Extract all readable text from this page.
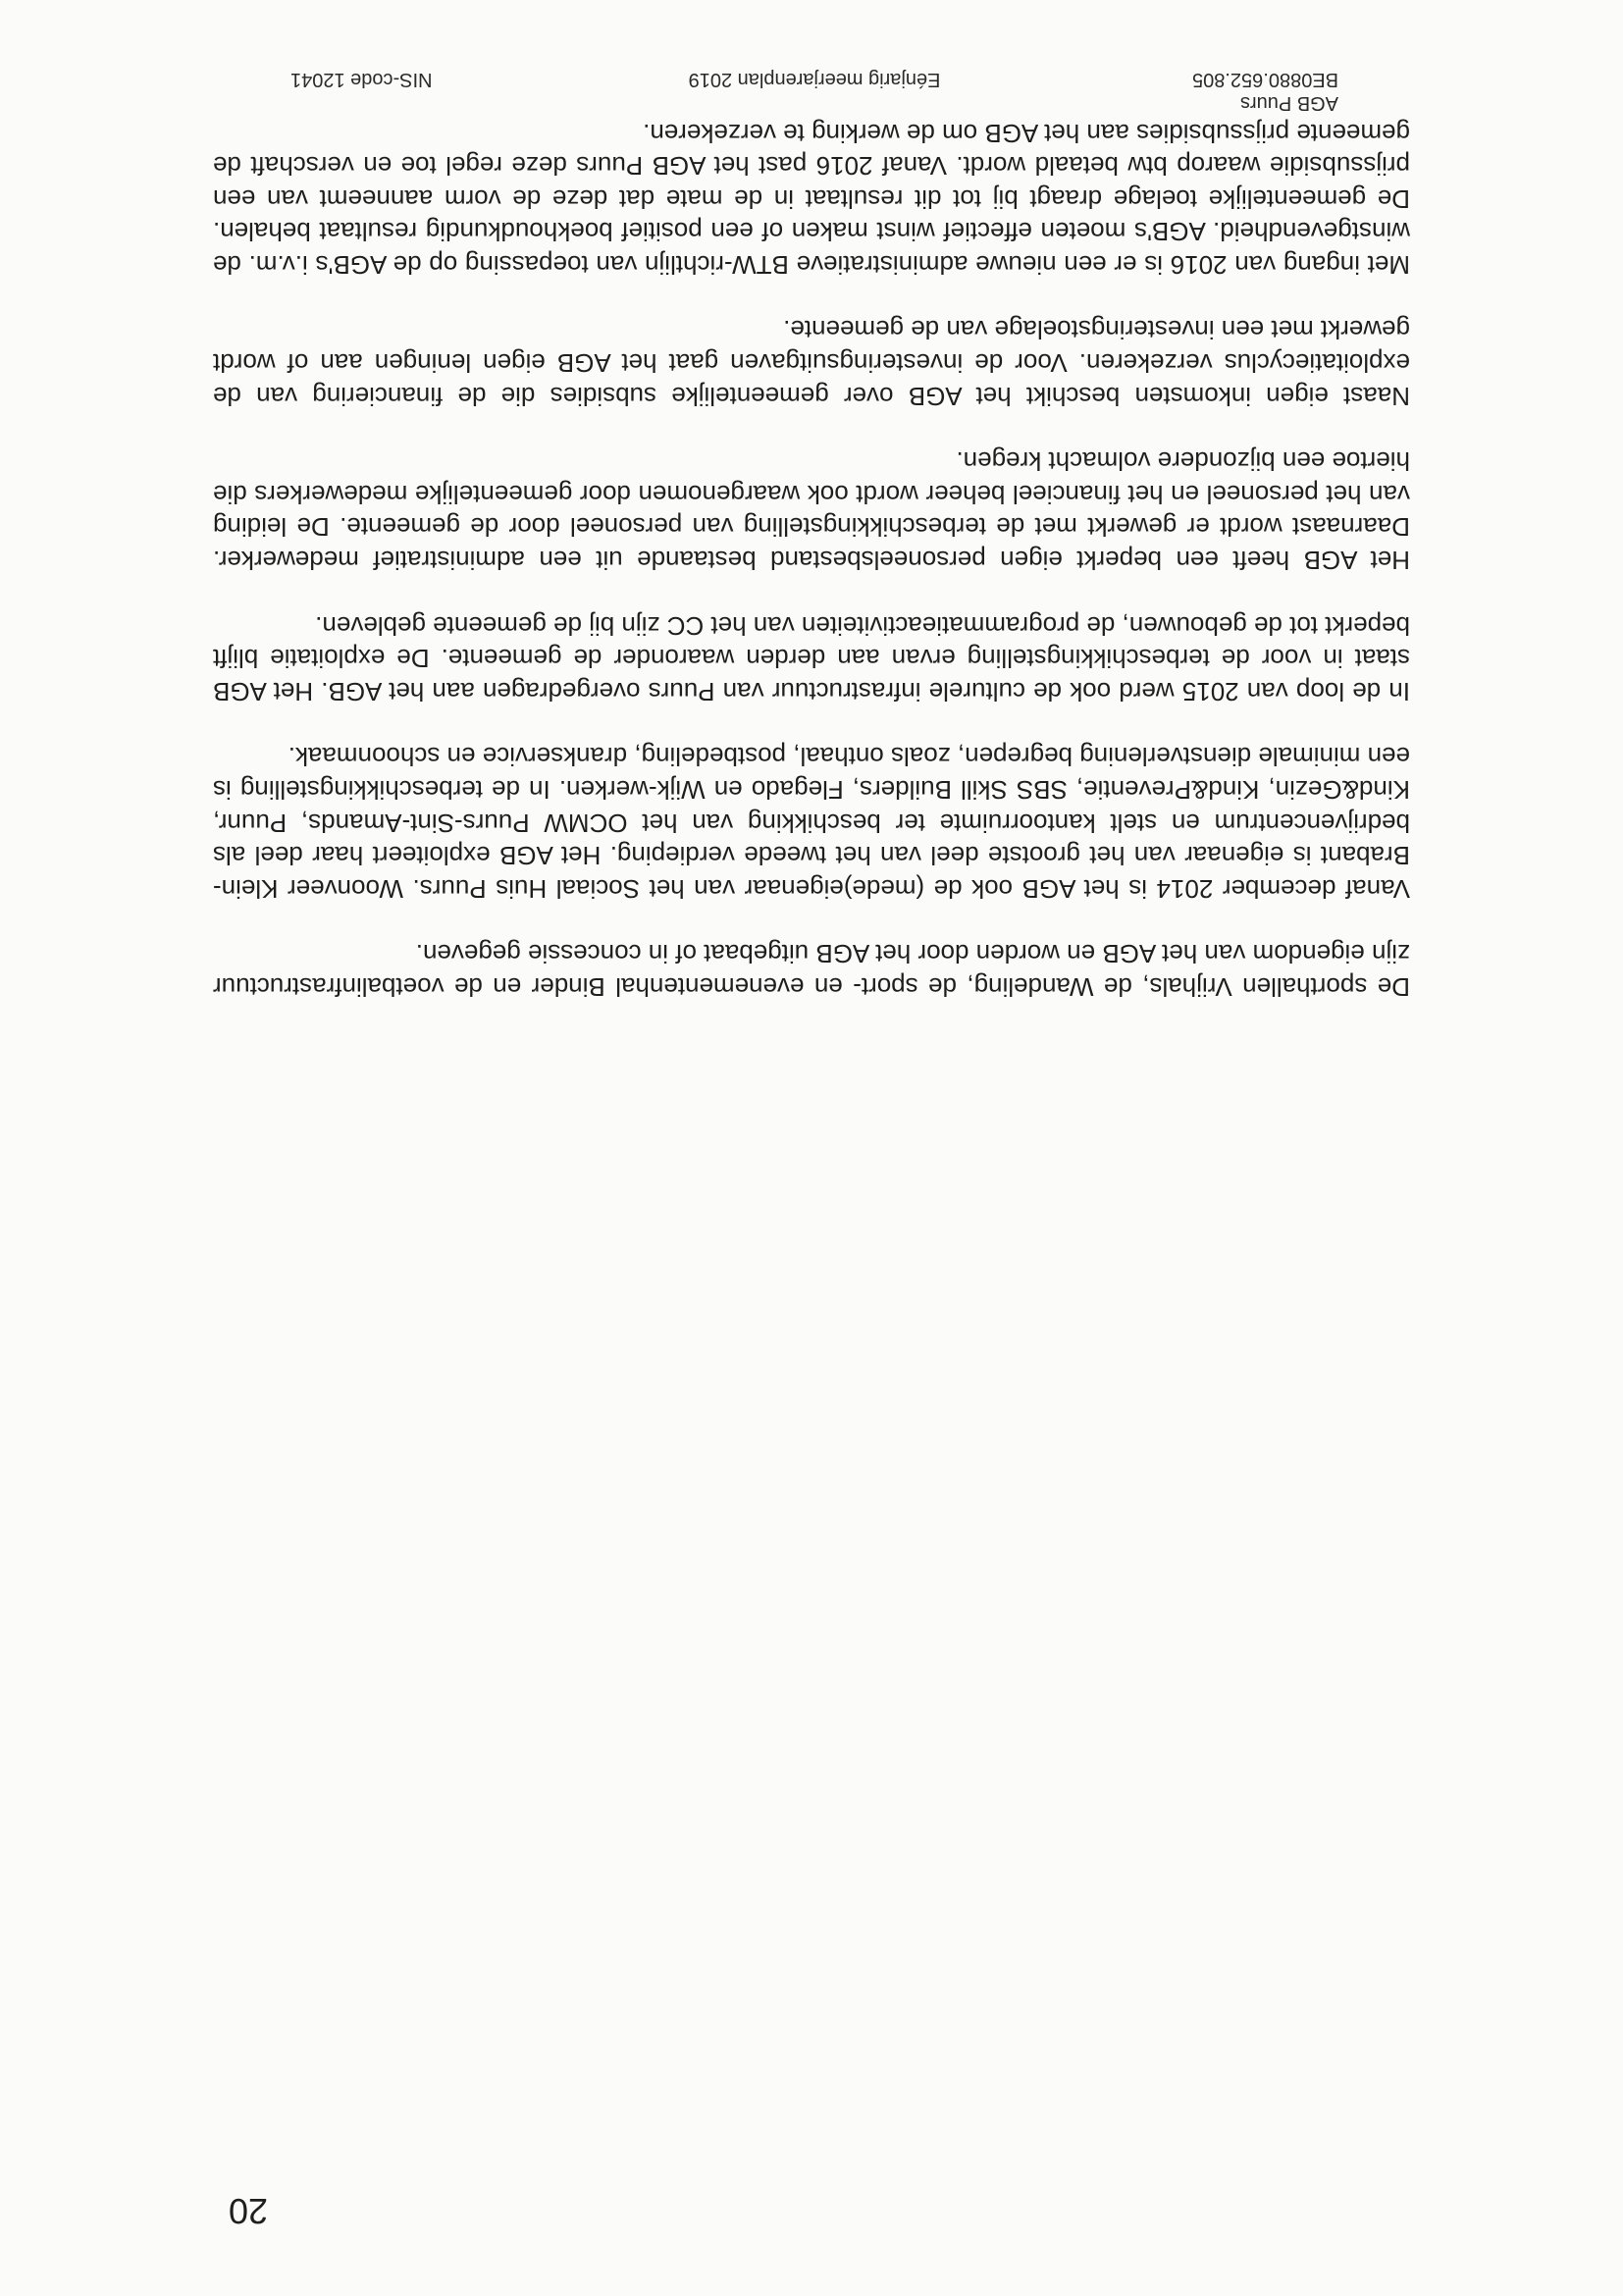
AGB Puurs
BE0880.652.805
Eénjarig meerjarenplan 2019
NIS-code 12041

De sporthallen Vrijhals, de Wandeling, de sport- en evenementenhal Binder en de voetbalinfrastructuur zijn eigendom van het AGB en worden door het AGB uitgebaat of in concessie gegeven.

Vanaf december 2014 is het AGB ook de (mede)eigenaar van het Sociaal Huis Puurs. Woonveer Klein-Brabant is eigenaar van het grootste deel van het tweede verdieping. Het AGB exploiteert haar deel als bedrijvencentrum en stelt kantoorruimte ter beschikking van het OCMW Puurs-Sint-Amands, Puunr, Kind&Gezin, Kind&Preventie, SBS Skill Builders, Flegado en Wijk-werken. In de terbeschikkingstelling is een minimale dienstverlening begrepen, zoals onthaal, postbedeling, drankservice en schoonmaak.

In de loop van 2015 werd ook de culturele infrastructuur van Puurs overgedragen aan het AGB. Het AGB staat in voor de terbeschikkingstelling ervan aan derden waaronder de gemeente. De exploitatie blijft beperkt tot de gebouwen, de programmatieactiviteiten van het CC zijn bij de gemeente gebleven.

Het AGB heeft een beperkt eigen personeelsbestand bestaande uit een administratief medewerker. Daarnaast wordt er gewerkt met de terbeschikkingstelling van personeel door de gemeente. De leiding van het personeel en het financieel beheer wordt ook waargenomen door gemeentelijke medewerkers die hiertoe een bijzondere volmacht kregen.

Naast eigen inkomsten beschikt het AGB over gemeentelijke subsidies die de financiering van de exploitatiecyclus verzekeren. Voor de investeringsuitgaven gaat het AGB eigen leningen aan of wordt gewerkt met een investeringstoelage van de gemeente.

Met ingang van 2016 is er een nieuwe administratieve BTW-richtlijn van toepassing op de AGB's i.v.m. de winstgevendheid. AGB's moeten effectief winst maken of een positief boekhoudkundig resultaat behalen. De gemeentelijke toelage draagt bij tot dit resultaat in de mate dat deze de vorm aanneemt van een prijssubsidie waarop btw betaald wordt. Vanaf 2016 past het AGB Puurs deze regel toe en verschaft de gemeente prijssubsidies aan het AGB om de werking te verzekeren.

20
